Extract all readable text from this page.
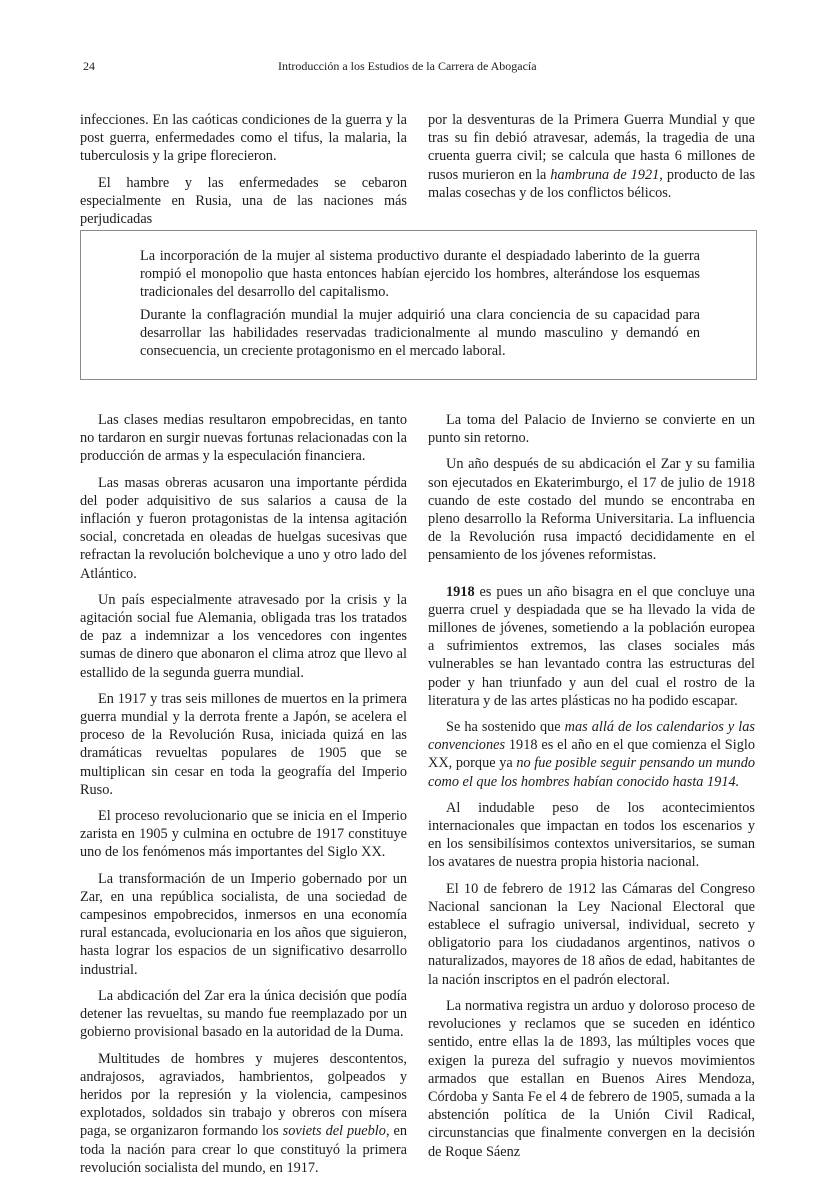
24	Introducción a los Estudios de la Carrera de Abogacía

infecciones. En las caóticas condiciones de la guerra y la post guerra, enfermedades como el tifus, la malaria, la tuberculosis y la gripe florecieron.

El hambre y las enfermedades se cebaron especialmente en Rusia, una de las naciones más perjudicadas

por la desventuras de la Primera Guerra Mundial y que tras su fin debió atravesar, además, la tragedia de una cruenta guerra civil; se calcula que hasta 6 millones de rusos murieron en la hambruna de 1921, producto de las malas cosechas y de los conflictos bélicos.

La incorporación de la mujer al sistema productivo durante el despiadado laberinto de la guerra rompió el monopolio que hasta entonces habían ejercido los hombres, alterándose los esquemas tradicionales del desarrollo del capitalismo.

Durante la conflagración mundial la mujer adquirió una clara conciencia de su capacidad para desarrollar las habilidades reservadas tradicionalmente al mundo masculino y demandó en consecuencia, un creciente protagonismo en el mercado laboral.

Las clases medias resultaron empobrecidas, en tanto no tardaron en surgir nuevas fortunas relacionadas con la producción de armas y la especulación financiera.

Las masas obreras acusaron una importante pérdida del poder adquisitivo de sus salarios a causa de la inflación y fueron protagonistas de la intensa agitación social, concretada en oleadas de huelgas sucesivas que refractan la revolución bolchevique a uno y otro lado del Atlántico.

Un país especialmente atravesado por la crisis y la agitación social fue Alemania, obligada tras los tratados de paz a indemnizar a los vencedores con ingentes sumas de dinero que abonaron el clima atroz que llevo al estallido de la segunda guerra mundial.

En 1917 y tras seis millones de muertos en la primera guerra mundial y la derrota frente a Japón, se acelera el proceso de la Revolución Rusa, iniciada quizá en las dramáticas revueltas populares de 1905 que se multiplican sin cesar en toda la geografía del Imperio Ruso.

El proceso revolucionario que se inicia en el Imperio zarista en 1905 y culmina en octubre de 1917 constituye uno de los fenómenos más importantes del Siglo XX.

La transformación de un Imperio gobernado por un Zar, en una república socialista, de una sociedad de campesinos empobrecidos, inmersos en una economía rural estancada, evolucionaria en los años que siguieron, hasta lograr los espacios de un significativo desarrollo industrial.

La abdicación del Zar era la única decisión que podía detener las revueltas, su mando fue reemplazado por un gobierno provisional basado en la autoridad de la Duma.

Multitudes de hombres y mujeres descontentos, andrajosos, agraviados, hambrientos, golpeados y heridos por la represión y la violencia, campesinos explotados, soldados sin trabajo y obreros con mísera paga, se organizaron formando los soviets del pueblo, en toda la nación para crear lo que constituyó la primera revolución socialista del mundo, en 1917.

La toma del Palacio de Invierno se convierte en un punto sin retorno.

Un año después de su abdicación el Zar y su familia son ejecutados en Ekaterimburgo, el 17 de julio de 1918 cuando de este costado del mundo se encontraba en pleno desarrollo la Reforma Universitaria. La influencia de la Revolución rusa impactó decididamente en el pensamiento de los jóvenes reformistas.

1918 es pues un año bisagra en el que concluye una guerra cruel y despiadada que se ha llevado la vida de millones de jóvenes, sometiendo a la población europea a sufrimientos extremos, las clases sociales más vulnerables se han levantado contra las estructuras del poder y han triunfado y aun del cual el rostro de la literatura y de las artes plásticas no ha podido escapar.

Se ha sostenido que mas allá de los calendarios y las convenciones 1918 es el año en el que comienza el Siglo XX, porque ya no fue posible seguir pensando un mundo como el que los hombres habían conocido hasta 1914.

Al indudable peso de los acontecimientos internacionales que impactan en todos los escenarios y en los sensibilísimos contextos universitarios, se suman los avatares de nuestra propia historia nacional.

El 10 de febrero de 1912 las Cámaras del Congreso Nacional sancionan la Ley Nacional Electoral que establece el sufragio universal, individual, secreto y obligatorio para los ciudadanos argentinos, nativos o naturalizados, mayores de 18 años de edad, habitantes de la nación inscriptos en el padrón electoral.

La normativa registra un arduo y doloroso proceso de revoluciones y reclamos que se suceden en idéntico sentido, entre ellas la de 1893, las múltiples voces que exigen la pureza del sufragio y nuevos movimientos armados que estallan en Buenos Aires Mendoza, Córdoba y Santa Fe el 4 de febrero de 1905, sumada a la abstención política de la Unión Civil Radical, circunstancias que finalmente convergen en la decisión de Roque Sáenz
